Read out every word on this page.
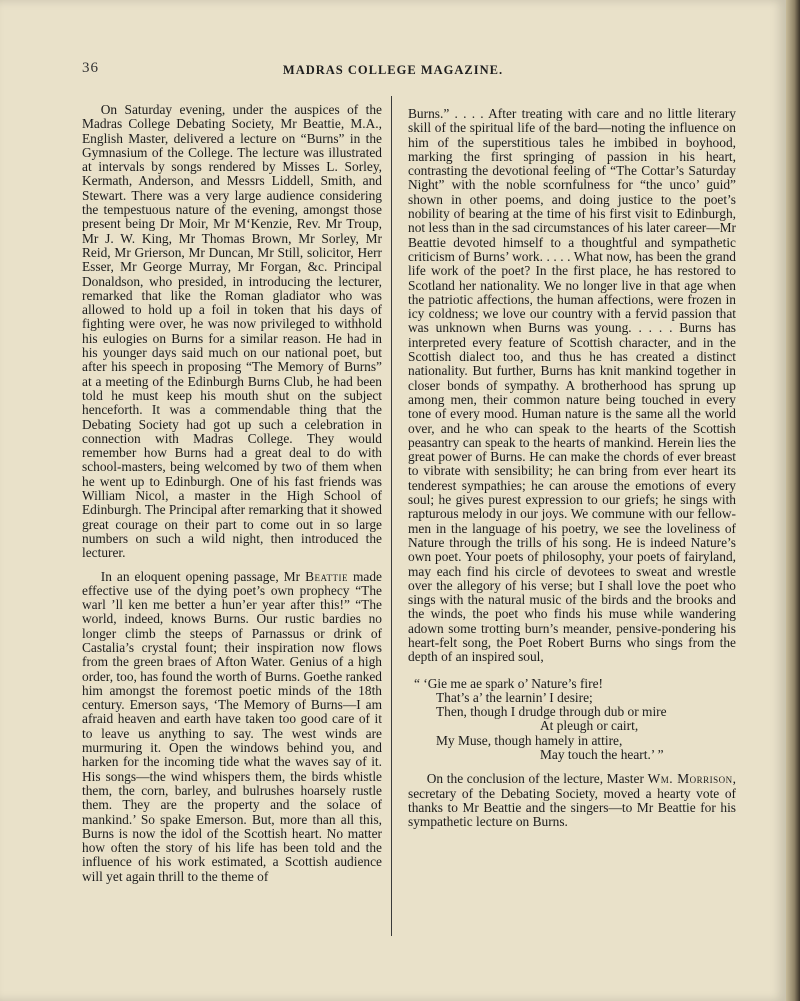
36	MADRAS COLLEGE MAGAZINE.

On Saturday evening, under the auspices of the Madras College Debating Society, Mr Beattie, M.A., English Master, delivered a lecture on “Burns” in the Gymnasium of the College. The lecture was illustrated at intervals by songs rendered by Misses L. Sorley, Kermath, Anderson, and Messrs Liddell, Smith, and Stewart. There was a very large audience considering the tempestuous nature of the evening, amongst those present being Dr Moir, Mr M‘Kenzie, Rev. Mr Troup, Mr J. W. King, Mr Thomas Brown, Mr Sorley, Mr Reid, Mr Grierson, Mr Duncan, Mr Still, solicitor, Herr Esser, Mr George Murray, Mr Forgan, &c. Principal Donaldson, who presided, in introducing the lecturer, remarked that like the Roman gladiator who was allowed to hold up a foil in token that his days of fighting were over, he was now privileged to withhold his eulogies on Burns for a similar reason. He had in his younger days said much on our national poet, but after his speech in proposing “The Memory of Burns” at a meeting of the Edinburgh Burns Club, he had been told he must keep his mouth shut on the subject henceforth. It was a commendable thing that the Debating Society had got up such a celebration in connection with Madras College. They would remember how Burns had a great deal to do with school-masters, being welcomed by two of them when he went up to Edinburgh. One of his fast friends was William Nicol, a master in the High School of Edinburgh. The Principal after remarking that it showed great courage on their part to come out in so large numbers on such a wild night, then introduced the lecturer.

In an eloquent opening passage, Mr Beattie made effective use of the dying poet’s own prophecy “The warl ’ll ken me better a hun’er year after this!” “The world, indeed, knows Burns. Our rustic bardies no longer climb the steeps of Parnassus or drink of Castalia’s crystal fount; their inspiration now flows from the green braes of Afton Water. Genius of a high order, too, has found the worth of Burns. Goethe ranked him amongst the foremost poetic minds of the 18th century. Emerson says, ‘The Memory of Burns—I am afraid heaven and earth have taken too good care of it to leave us anything to say. The west winds are murmuring it. Open the windows behind you, and harken for the incoming tide what the waves say of it. His songs—the wind whispers them, the birds whistle them, the corn, barley, and bulrushes hoarsely rustle them. They are the property and the solace of mankind.’ So spake Emerson. But, more than all this, Burns is now the idol of the Scottish heart. No matter how often the story of his life has been told and the influence of his work estimated, a Scottish audience will yet again thrill to the theme of

Burns.” . . . . After treating with care and no little literary skill of the spiritual life of the bard—noting the influence on him of the superstitious tales he imbibed in boyhood, marking the first springing of passion in his heart, contrasting the devotional feeling of “The Cottar’s Saturday Night” with the noble scornfulness for “the unco’ guid” shown in other poems, and doing justice to the poet’s nobility of bearing at the time of his first visit to Edinburgh, not less than in the sad circumstances of his later career—Mr Beattie devoted himself to a thoughtful and sympathetic criticism of Burns’ work. . . . . What now, has been the grand life work of the poet? In the first place, he has restored to Scotland her nationality. We no longer live in that age when the patriotic affections, the human affections, were frozen in icy coldness; we love our country with a fervid passion that was unknown when Burns was young. . . . . Burns has interpreted every feature of Scottish character, and in the Scottish dialect too, and thus he has created a distinct nationality. But further, Burns has knit mankind together in closer bonds of sympathy. A brotherhood has sprung up among men, their common nature being touched in every tone of every mood. Human nature is the same all the world over, and he who can speak to the hearts of the Scottish peasantry can speak to the hearts of mankind. Herein lies the great power of Burns. He can make the chords of ever breast to vibrate with sensibility; he can bring from ever heart its tenderest sympathies; he can arouse the emotions of every soul; he gives purest expression to our griefs; he sings with rapturous melody in our joys. We commune with our fellow-men in the language of his poetry, we see the loveliness of Nature through the trills of his song. He is indeed Nature’s own poet. Your poets of philosophy, your poets of fairyland, may each find his circle of devotees to sweat and wrestle over the allegory of his verse; but I shall love the poet who sings with the natural music of the birds and the brooks and the winds, the poet who finds his muse while wandering adown some trotting burn’s meander, pensive-pondering his heart-felt song, the Poet Robert Burns who sings from the depth of an inspired soul,

“ ‘Gie me ae spark o’ Nature’s fire!
That’s a’ the learnin’ I desire;
Then, though I drudge through dub or mire
At pleugh or cairt,
My Muse, though hamely in attire,
May touch the heart.’ ”

On the conclusion of the lecture, Master Wm. Morrison, secretary of the Debating Society, moved a hearty vote of thanks to Mr Beattie and the singers—to Mr Beattie for his sympathetic lecture on Burns.
